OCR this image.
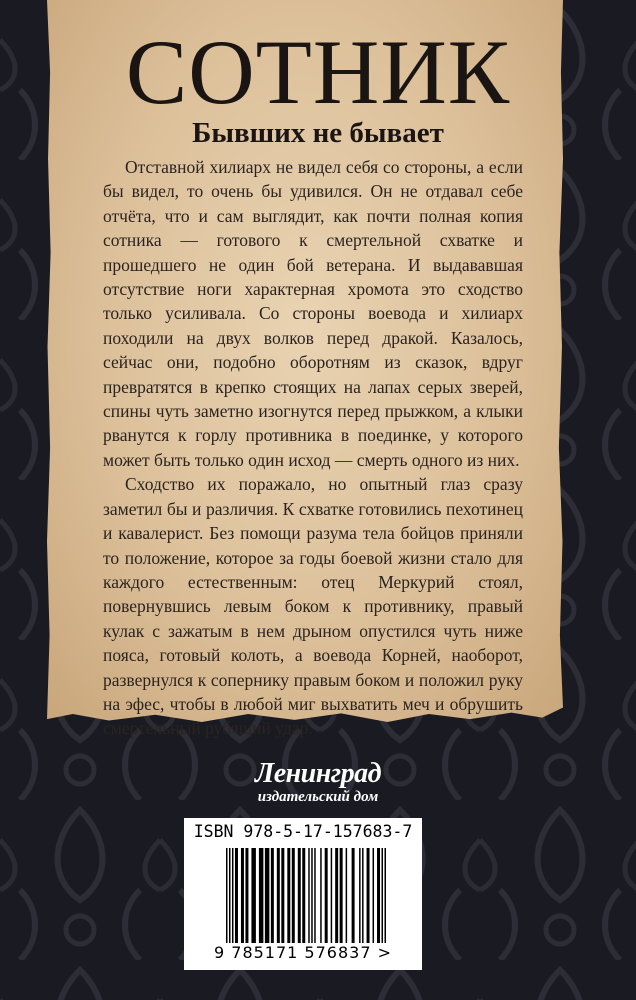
СОТНИК
Бывших не бывает

Отставной хилиарх не видел себя со стороны, а если бы видел, то очень бы удивился. Он не отдавал себе отчёта, что и сам выглядит, как почти полная копия сотника — готового к смертельной схватке и прошедшего не один бой ветерана. И выдававшая отсутствие ноги характерная хромота это сходство только усиливала. Со стороны воевода и хилиарх походили на двух волков перед дракой. Казалось, сейчас они, подобно оборотням из сказок, вдруг превратятся в крепко стоящих на лапах серых зверей, спины чуть заметно изогнутся перед прыжком, а клыки рванутся к горлу противника в поединке, у которого может быть только один исход — смерть одного из них.

Сходство их поражало, но опытный глаз сразу заметил бы и различия. К схватке готовились пехотинец и кавалерист. Без помощи разума тела бойцов приняли то положение, которое за годы боевой жизни стало для каждого естественным: отец Меркурий стоял, повернувшись левым боком к противнику, правый кулак с зажатым в нем дрыном опустился чуть ниже пояса, готовый колоть, а воевода Корней, наоборот, развернулся к сопернику правым боком и положил руку на эфес, чтобы в любой миг выхватить меч и обрушить смертельный рубящий удар.

Ленинград
издательский дом
ISBN 978-5-17-157683-7
9 785171 576837 >
